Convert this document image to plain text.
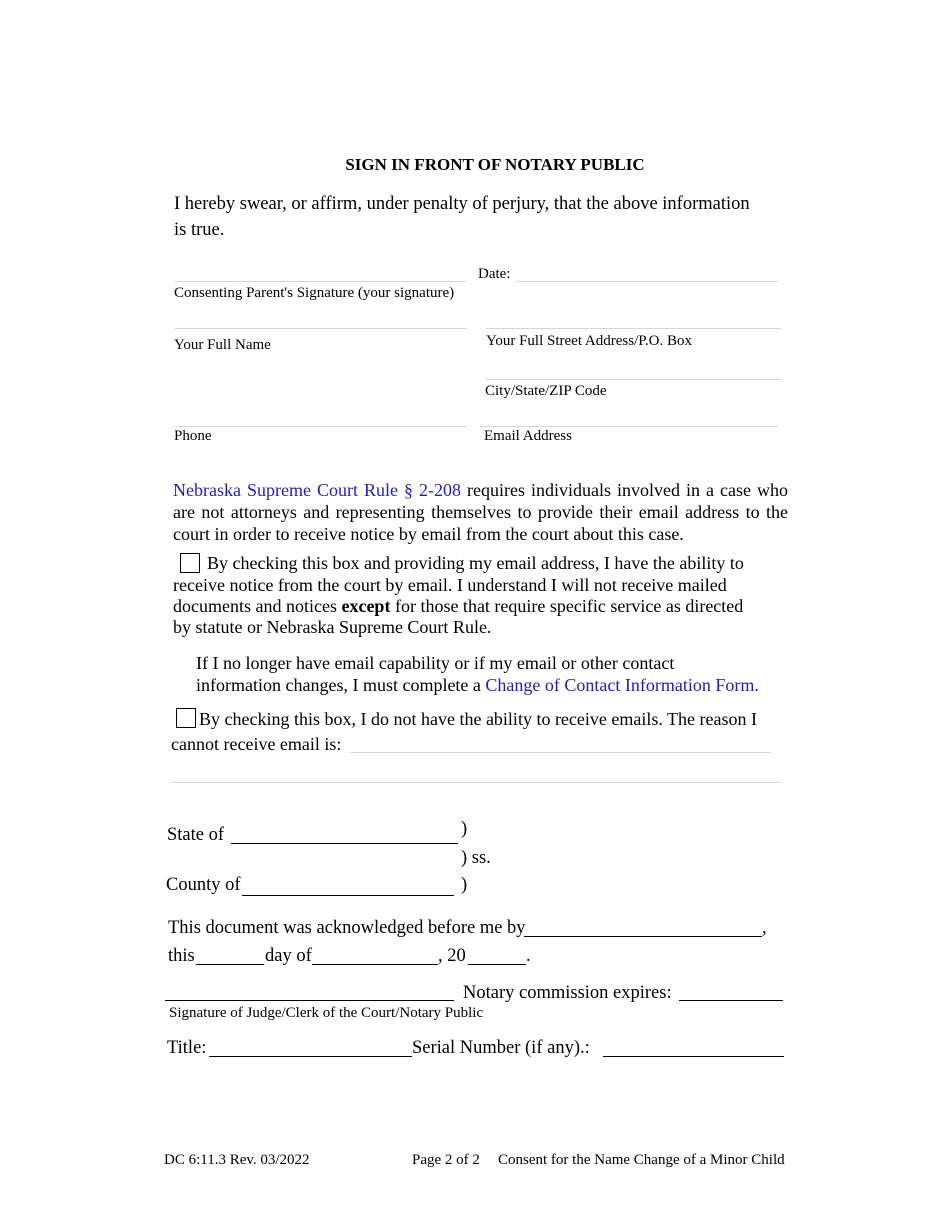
SIGN IN FRONT OF NOTARY PUBLIC
I hereby swear, or affirm, under penalty of perjury, that the above information
is true.
Consenting Parent's Signature (your signature)
Date:
Your Full Name	Your Full Street Address/P.O. Box
City/State/ZIP Code
Phone	Email Address
Nebraska Supreme Court Rule § 2-208 requires individuals involved in a case who are not attorneys and representing themselves to provide their email address to the court in order to receive notice by email from the court about this case.
By checking this box and providing my email address, I have the ability to
receive notice from the court by email. I understand I will not receive mailed
documents and notices except for those that require specific service as directed
by statute or Nebraska Supreme Court Rule.
If I no longer have email capability or if my email or other contact
information changes, I must complete a Change of Contact Information Form.
By checking this box, I do not have the ability to receive emails. The reason I
cannot receive email is:
State of	)
) ss.
County of	)
This document was acknowledged before me by	,
this	day of	, 20	.
Notary commission expires:
Signature of Judge/Clerk of the Court/Notary Public
Title:	Serial Number (if any).:
DC 6:11.3 Rev. 03/2022	Page 2 of 2 Consent for the Name Change of a Minor Child
